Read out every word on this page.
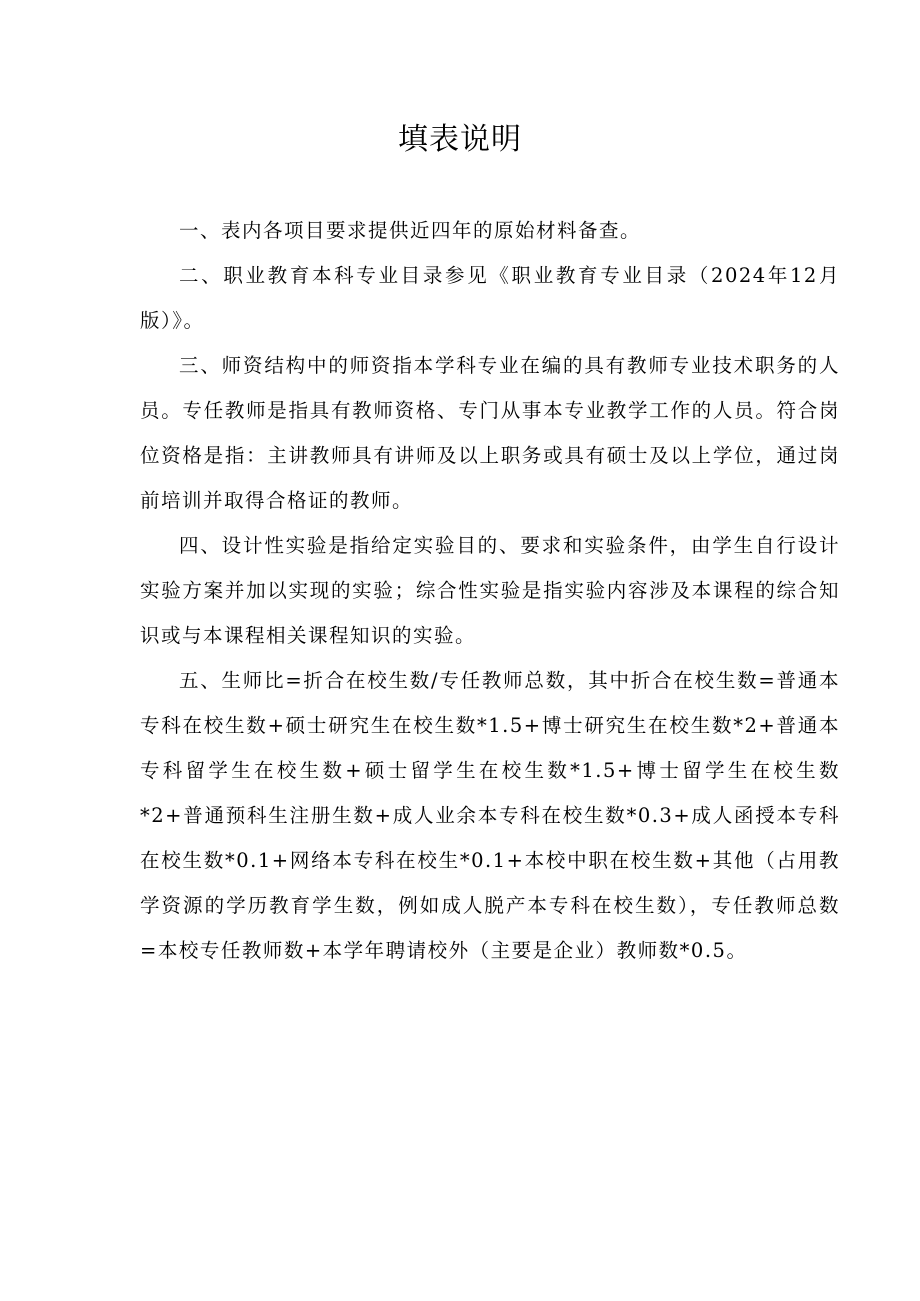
填表说明

一、表内各项目要求提供近四年的原始材料备查。

二、职业教育本科专业目录参见《职业教育专业目录（2024年12月版）》。

三、师资结构中的师资指本学科专业在编的具有教师专业技术职务的人员。专任教师是指具有教师资格、专门从事本专业教学工作的人员。符合岗位资格是指：主讲教师具有讲师及以上职务或具有硕士及以上学位，通过岗前培训并取得合格证的教师。

四、设计性实验是指给定实验目的、要求和实验条件，由学生自行设计实验方案并加以实现的实验；综合性实验是指实验内容涉及本课程的综合知识或与本课程相关课程知识的实验。

五、生师比=折合在校生数/专任教师总数，其中折合在校生数=普通本专科在校生数+硕士研究生在校生数*1.5+博士研究生在校生数*2+普通本专科留学生在校生数+硕士留学生在校生数*1.5+博士留学生在校生数*2+普通预科生注册生数+成人业余本专科在校生数*0.3+成人函授本专科在校生数*0.1+网络本专科在校生*0.1+本校中职在校生数+其他（占用教学资源的学历教育学生数，例如成人脱产本专科在校生数），专任教师总数=本校专任教师数+本学年聘请校外（主要是企业）教师数*0.5。
